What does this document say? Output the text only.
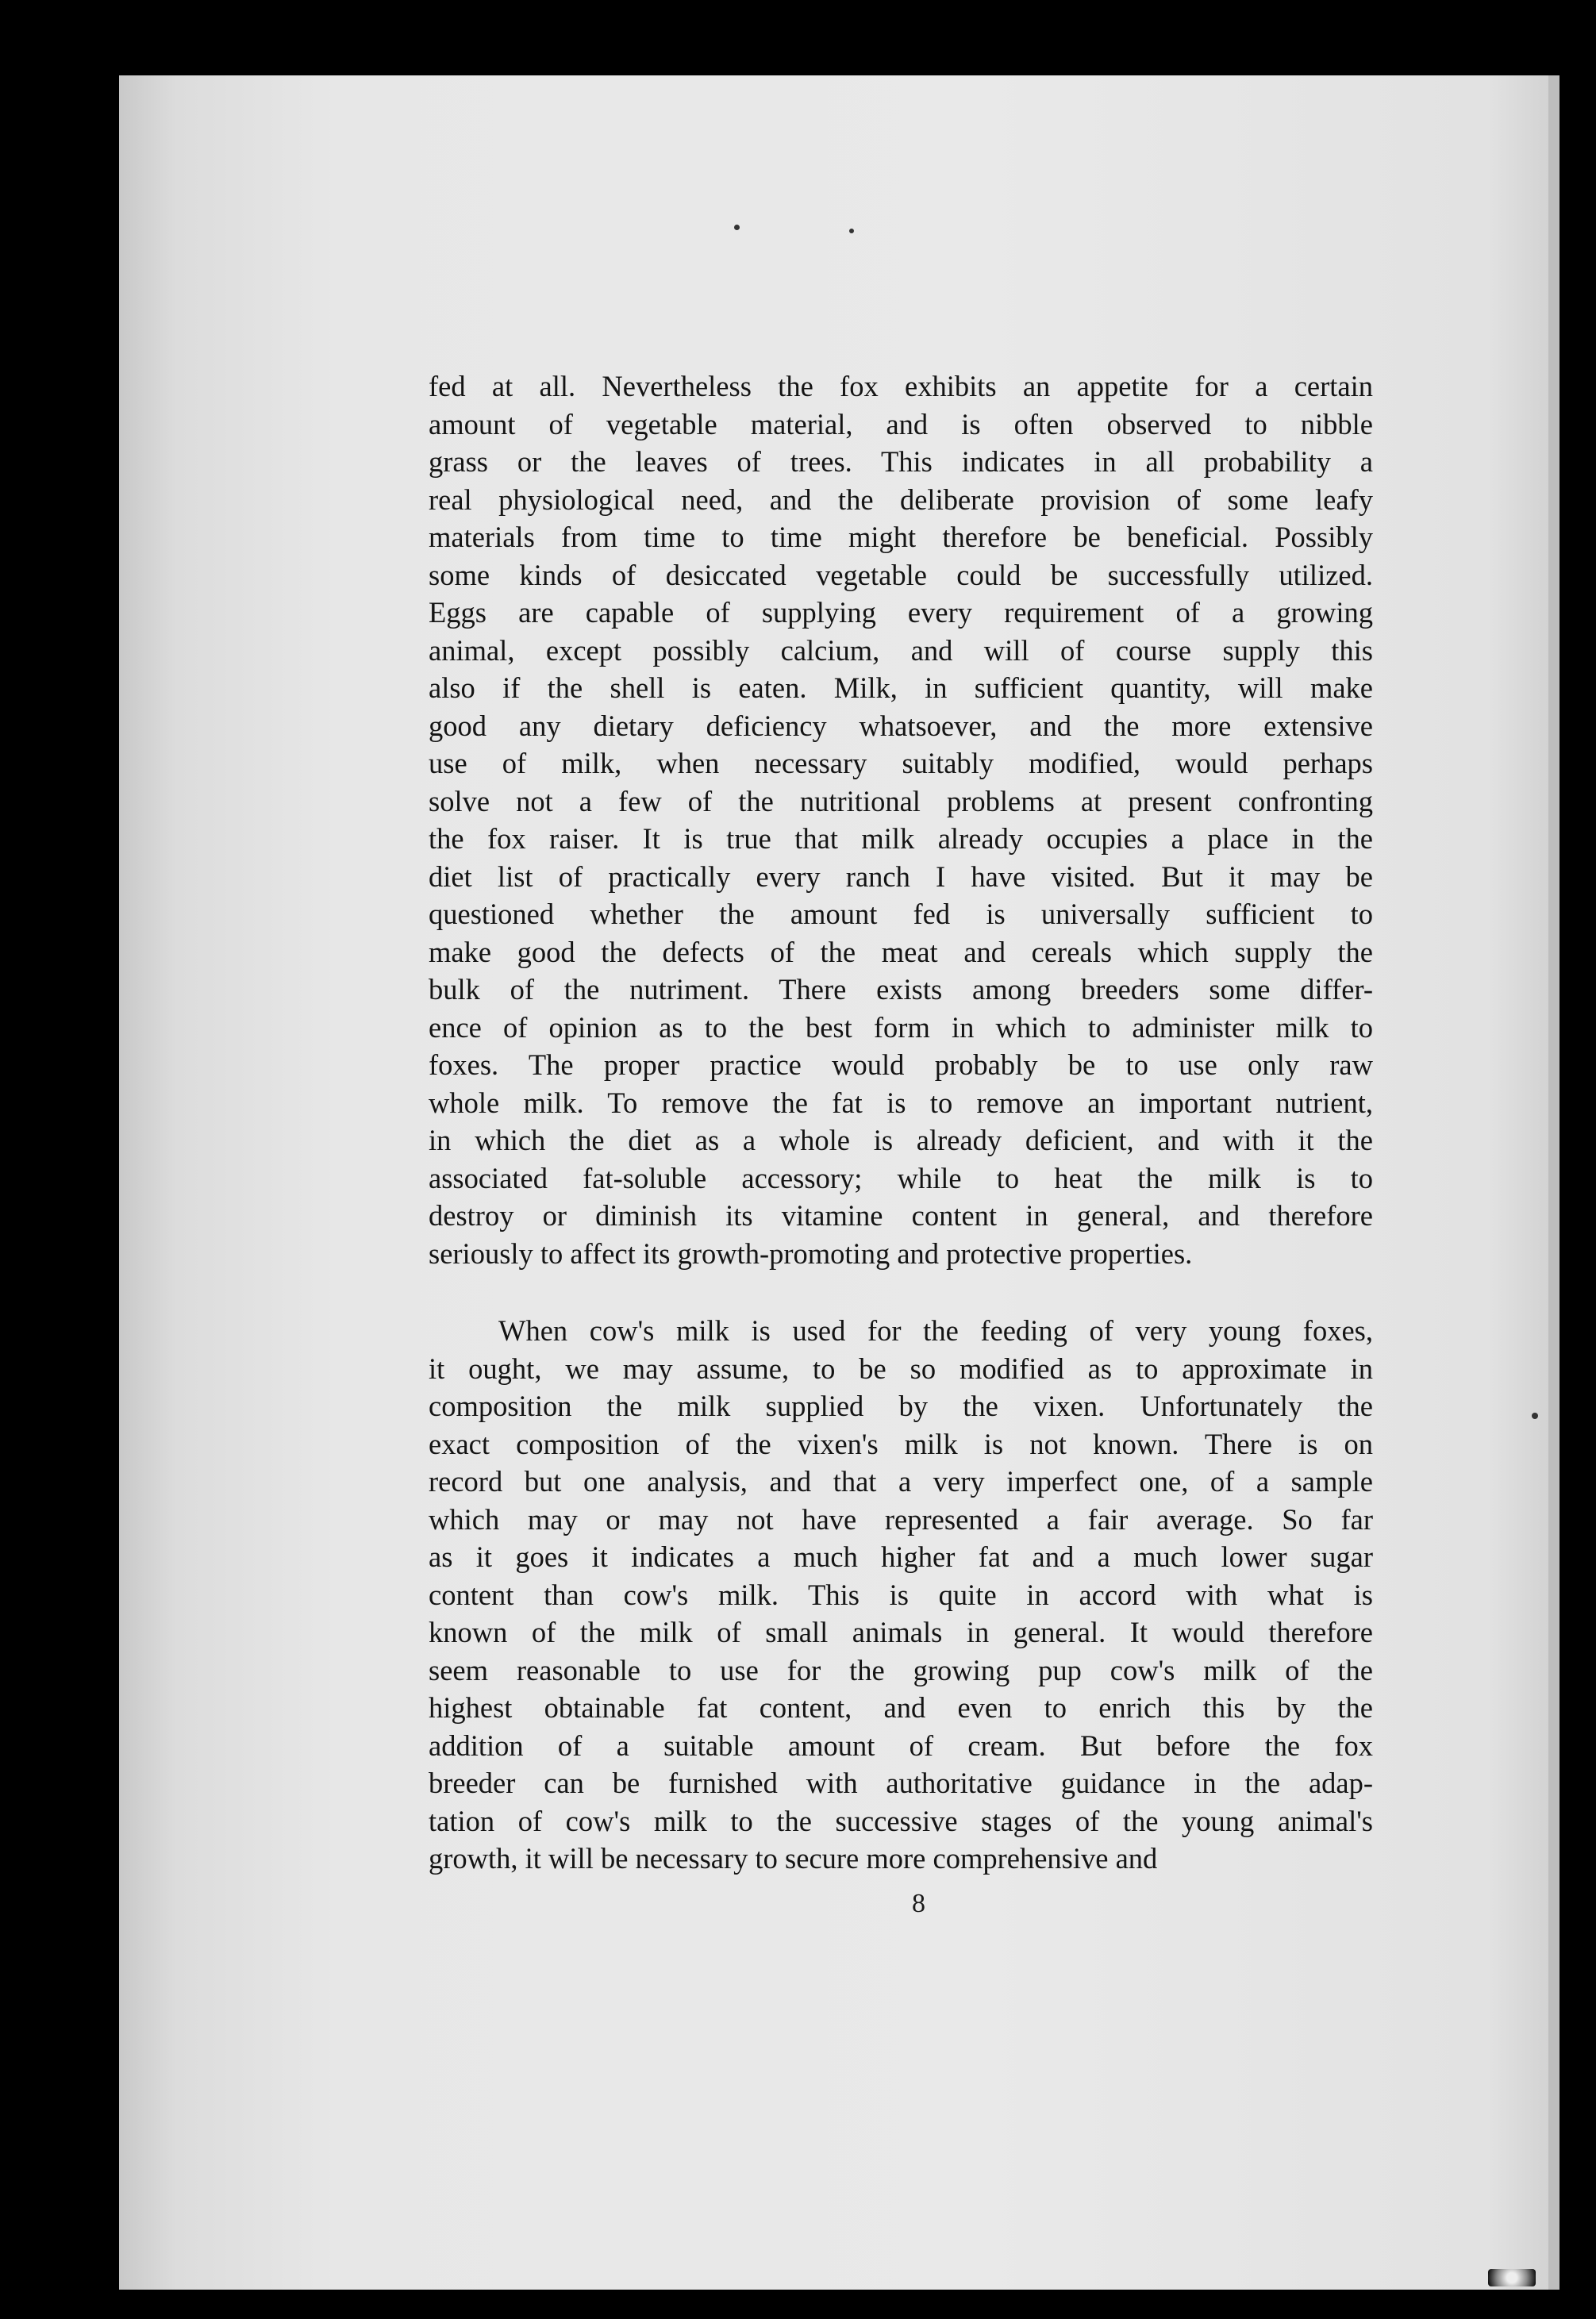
fed at all. Nevertheless the fox exhibits an appetite for a certain
amount of vegetable material, and is often observed to nibble
grass or the leaves of trees. This indicates in all probability a
real physiological need, and the deliberate provision of some leafy
materials from time to time might therefore be beneficial. Possibly
some kinds of desiccated vegetable could be successfully utilized.
Eggs are capable of supplying every requirement of a growing
animal, except possibly calcium, and will of course supply this
also if the shell is eaten. Milk, in sufficient quantity, will make
good any dietary deficiency whatsoever, and the more extensive
use of milk, when necessary suitably modified, would perhaps
solve not a few of the nutritional problems at present confronting
the fox raiser. It is true that milk already occupies a place in the
diet list of practically every ranch I have visited. But it may be
questioned whether the amount fed is universally sufficient to
make good the defects of the meat and cereals which supply the
bulk of the nutriment. There exists among breeders some differ-
ence of opinion as to the best form in which to administer milk to
foxes. The proper practice would probably be to use only raw
whole milk. To remove the fat is to remove an important nutrient,
in which the diet as a whole is already deficient, and with it the
associated fat-soluble accessory; while to heat the milk is to
destroy or diminish its vitamine content in general, and therefore
seriously to affect its growth-promoting and protective properties.
When cow's milk is used for the feeding of very young foxes,
it ought, we may assume, to be so modified as to approximate in
composition the milk supplied by the vixen. Unfortunately the
exact composition of the vixen's milk is not known. There is on
record but one analysis, and that a very imperfect one, of a sample
which may or may not have represented a fair average. So far
as it goes it indicates a much higher fat and a much lower sugar
content than cow's milk. This is quite in accord with what is
known of the milk of small animals in general. It would therefore
seem reasonable to use for the growing pup cow's milk of the
highest obtainable fat content, and even to enrich this by the
addition of a suitable amount of cream. But before the fox
breeder can be furnished with authoritative guidance in the adap-
tation of cow's milk to the successive stages of the young animal's
growth, it will be necessary to secure more comprehensive and
8
